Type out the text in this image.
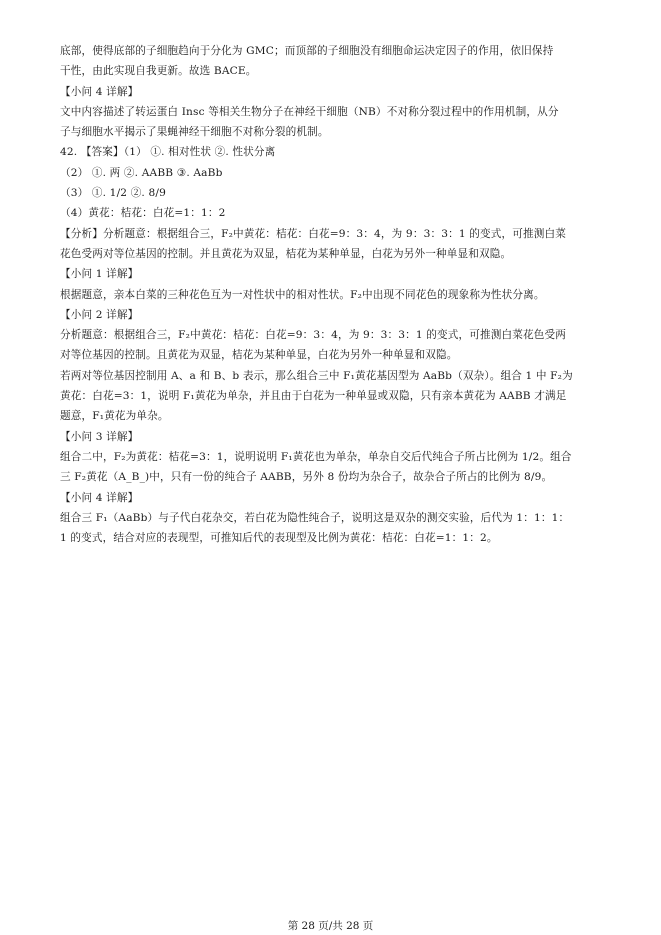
底部，使得底部的子细胞趋向于分化为 GMC；而顶部的子细胞没有细胞命运决定因子的作用，依旧保持
干性，由此实现自我更新。故选 BACE。
【小问 4 详解】
文中内容描述了转运蛋白 Insc 等相关生物分子在神经干细胞（NB）不对称分裂过程中的作用机制，从分
子与细胞水平揭示了果蝇神经干细胞不对称分裂的机制。
42. 【答案】（1） ①. 相对性状 ②. 性状分离
（2） ①. 两 ②. AABB ③. AaBb
（3） ①. 1/2 ②. 8/9
（4）黄花：桔花：白花=1：1：2
【分析】分析题意：根据组合三，F₂中黄花：桔花：白花=9：3：4，为 9：3：3：1 的变式，可推测白菜
花色受两对等位基因的控制。并且黄花为双显，桔花为某种单显，白花为另外一种单显和双隐。
【小问 1 详解】
根据题意，亲本白菜的三种花色互为一对性状中的相对性状。F₂中出现不同花色的现象称为性状分离。
【小问 2 详解】
分析题意：根据组合三，F₂中黄花：桔花：白花=9：3：4，为 9：3：3：1 的变式，可推测白菜花色受两
对等位基因的控制。且黄花为双显，桔花为某种单显，白花为另外一种单显和双隐。
若两对等位基因控制用 A、a 和 B、b 表示，那么组合三中 F₁黄花基因型为 AaBb（双杂）。组合 1 中 F₂为
黄花：白花=3：1，说明 F₁黄花为单杂，并且由于白花为一种单显或双隐，只有亲本黄花为 AABB 才满足
题意，F₁黄花为单杂。
【小问 3 详解】
组合二中，F₂为黄花：桔花=3：1，说明说明 F₁黄花也为单杂，单杂自交后代纯合子所占比例为 1/2。组合
三 F₂黄花（A_B_)中，只有一份的纯合子 AABB，另外 8 份均为杂合子，故杂合子所占的比例为 8/9。
【小问 4 详解】
组合三 F₁（AaBb）与子代白花杂交，若白花为隐性纯合子，说明这是双杂的测交实验，后代为 1：1：1：
1 的变式，结合对应的表现型，可推知后代的表现型及比例为黄花：桔花：白花=1：1：2。
第 28 页/共 28 页
